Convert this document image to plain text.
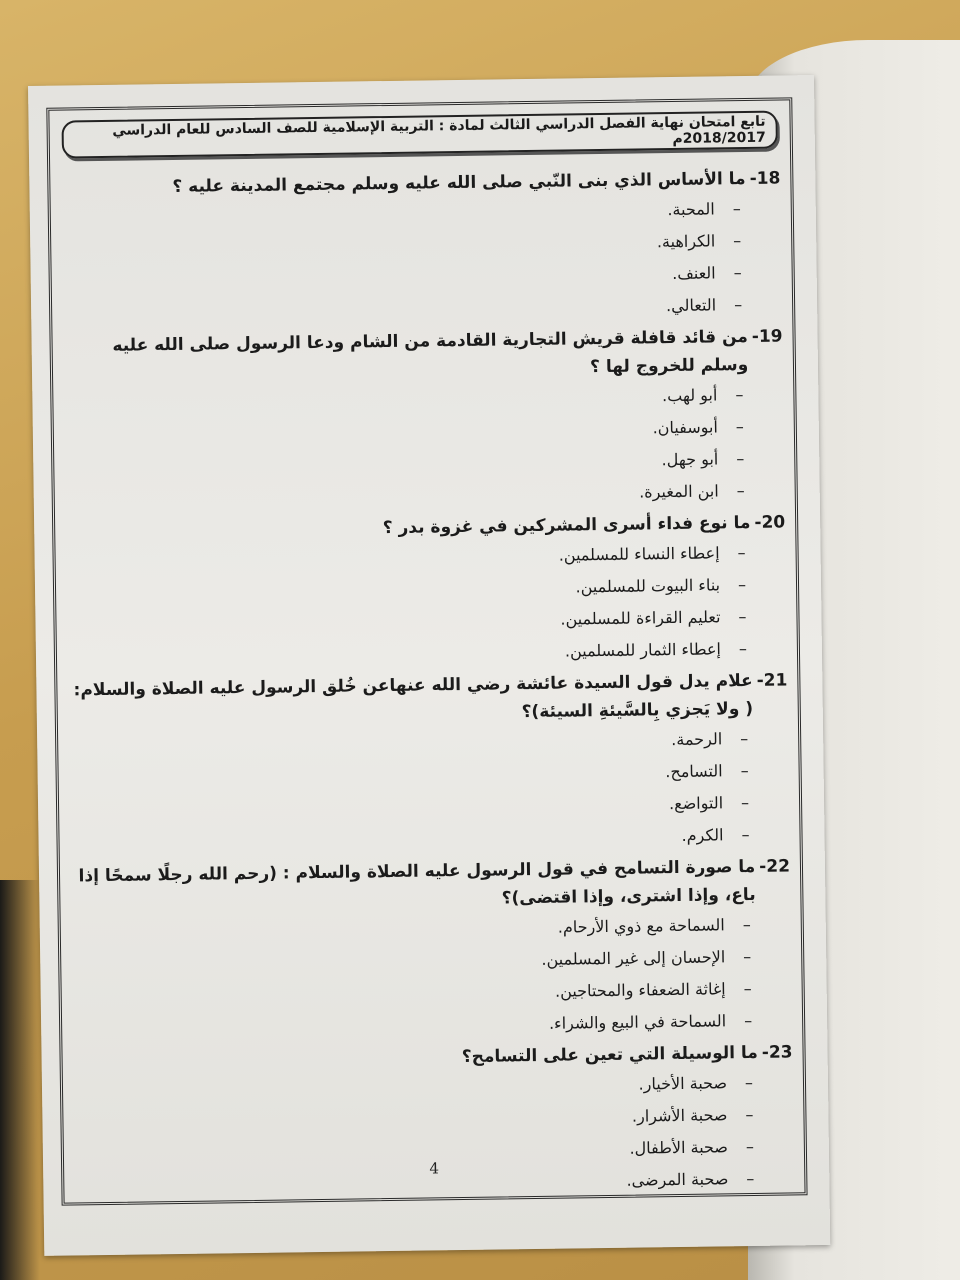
تابع امتحان نهاية الفصل الدراسي الثالث لمادة : التربية الإسلامية للصف السادس للعام الدراسي 2018/2017م
18-
ما الأساس الذي بنى النّبي صلى الله عليه وسلم مجتمع المدينة عليه ؟
–
المحبة.
–
الكراهية.
–
العنف.
–
التعالي.
19-
من قائد قافلة قريش التجارية القادمة من الشام ودعا الرسول صلى الله عليه وسلم للخروج لها ؟
–
أبو لهب.
–
أبوسفيان.
–
أبو جهل.
–
ابن المغيرة.
20-
ما نوع فداء أسرى المشركين في غزوة بدر ؟
–
إعطاء النساء للمسلمين.
–
بناء البيوت للمسلمين.
–
تعليم القراءة للمسلمين.
–
إعطاء الثمار للمسلمين.
21-
علام يدل قول السيدة عائشة رضي الله عنهاعن خُلق الرسول عليه الصلاة والسلام:( ولا يَجزي بِالسَّيئةِ السيئة)؟
–
الرحمة.
–
التسامح.
–
التواضع.
–
الكرم.
22-
ما صورة التسامح في قول الرسول عليه الصلاة والسلام : (رحم الله رجلًا سمحًا إذا باع، وإذا اشترى، وإذا اقتضى)؟
–
السماحة مع ذوي الأرحام.
–
الإحسان إلى غير المسلمين.
–
إغاثة الضعفاء والمحتاجين.
–
السماحة في البيع والشراء.
23-
ما الوسيلة التي تعين على التسامح؟
–
صحبة الأخيار.
–
صحبة الأشرار.
–
صحبة الأطفال.
–
صحبة المرضى.
4
